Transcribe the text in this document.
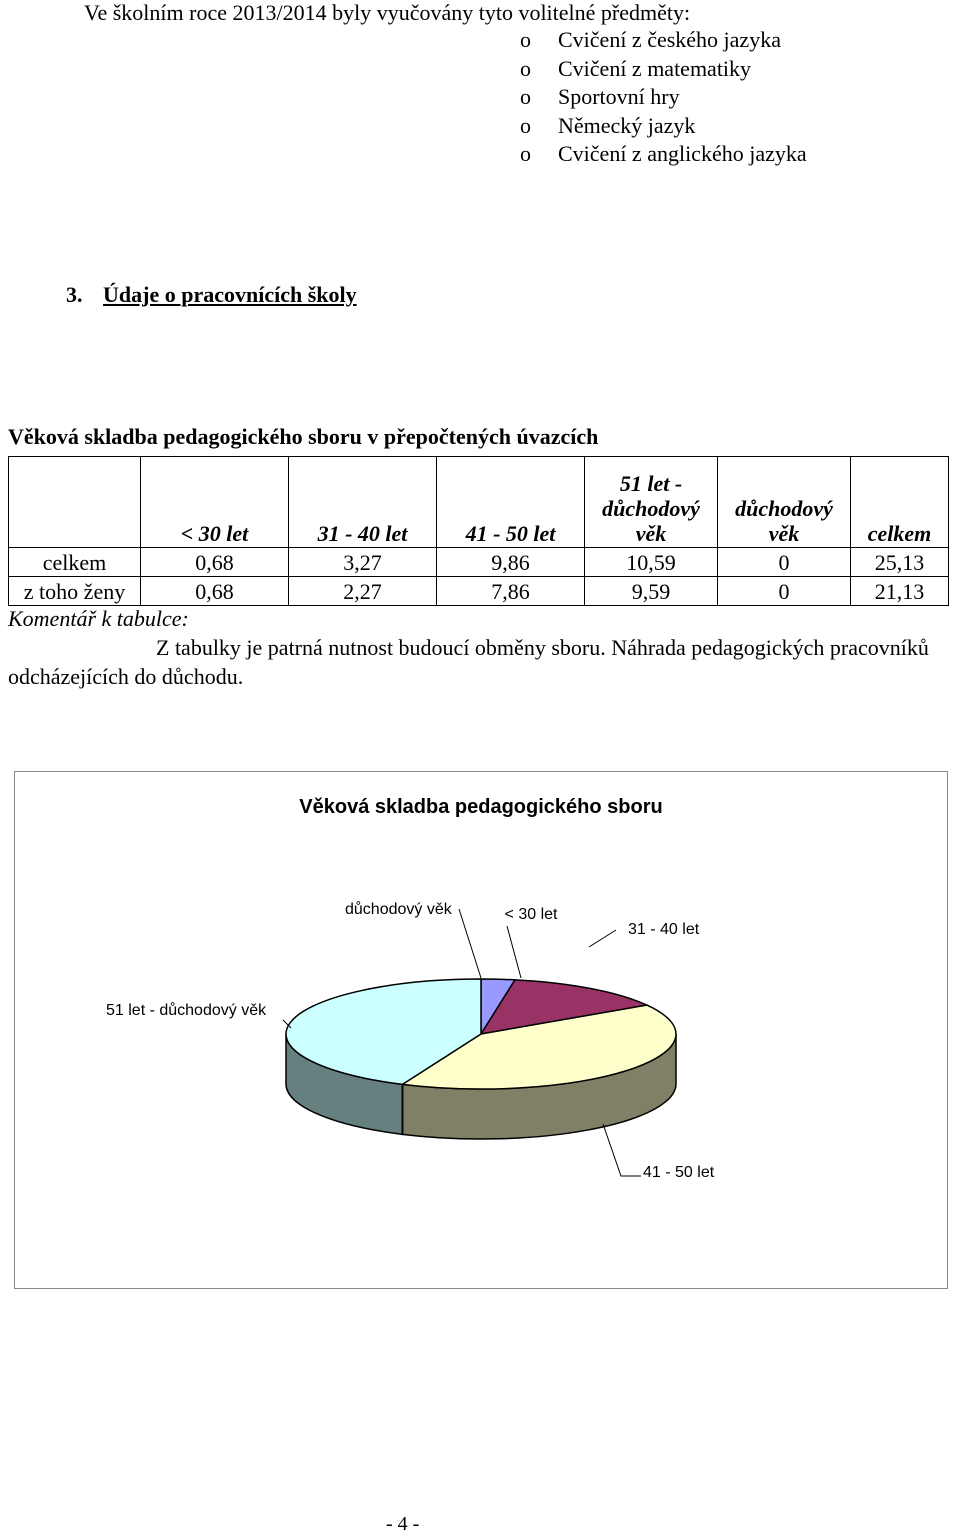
Ve školním roce 2013/2014 byly vyučovány tyto volitelné předměty:
o	Cvičení z českého jazyka
o	Cvičení z matematiky
o	Sportovní hry
o	Německý jazyk
o	Cvičení z anglického jazyka
3. Údaje o pracovnících školy
Věková skladba pedagogického sboru v přepočtených úvazcích
	< 30 let	31 - 40 let	41 - 50 let	51 let - důchodový věk	důchodový věk	celkem
celkem	0,68	3,27	9,86	10,59	0	25,13
z toho ženy	0,68	2,27	7,86	9,59	0	21,13
Komentář k tabulce:
Z tabulky je patrná nutnost budoucí obměny sboru. Náhrada pedagogických pracovníků odcházejících do důchodu.
Věková skladba pedagogického sboru
< 30 let
31 - 40 let
41 - 50 let
51 let - důchodový věk
důchodový věk
- 4 -
